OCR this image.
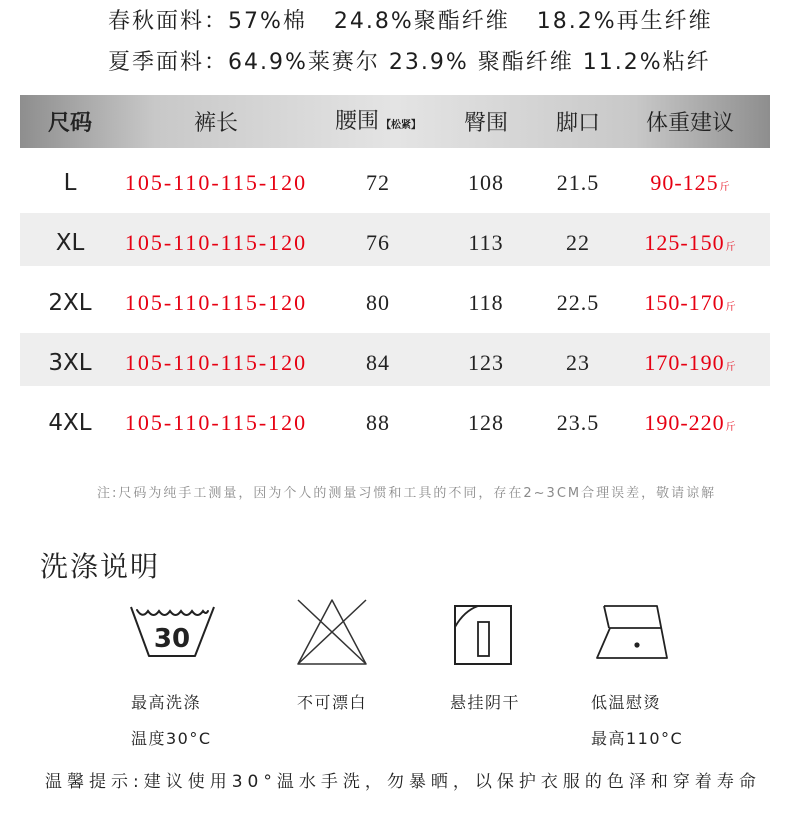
春秋面料：57%棉   24.8%聚酯纤维   18.2%再生纤维
夏季面料：64.9%莱赛尔 23.9% 聚酯纤维 11.2%粘纤
尺码	裤长	腰围 【松紧】	臀围	脚口	体重建议
L	105-110-115-120	72	108	21.5	90-125斤
XL	105-110-115-120	76	113	22	125-150斤
2XL	105-110-115-120	80	118	22.5	150-170斤
3XL	105-110-115-120	84	123	23	170-190斤
4XL	105-110-115-120	88	128	23.5	190-220斤
注:尺码为纯手工测量，因为个人的测量习惯和工具的不同，存在2~3CM合理误差，敬请谅解
洗涤说明
30
最高洗涤
温度30°C
不可漂白	悬挂阴干	低温慰烫
最高110°C
温馨提示:建议使用30°温水手洗，勿暴晒，以保护衣服的色泽和穿着寿命
